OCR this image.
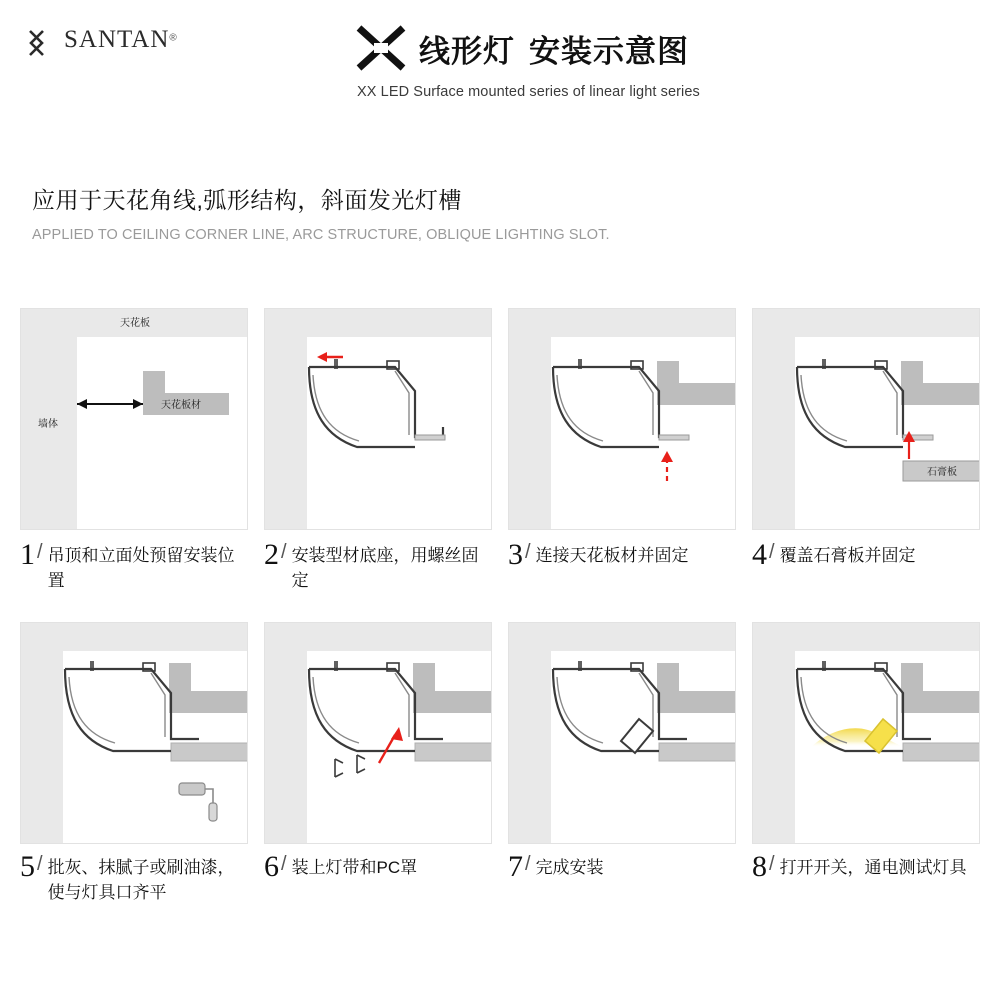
SANTAN®	线形灯 安装示意图
XX LED Surface mounted series of linear light series
应用于天花角线,弧形结构，斜面发光灯槽
APPLIED TO CEILING CORNER LINE, ARC STRUCTURE, OBLIQUE LIGHTING SLOT.
天花板
天花板材
墙体
1 / 吊顶和立面处预留安装位置
2 / 安装型材底座，用螺丝固定
3 / 连接天花板材并固定
石膏板
4 / 覆盖石膏板并固定
5 / 批灰、抹腻子或刷油漆，使与灯具口齐平
6 / 装上灯带和PC罩	7 / 完成安装	8 / 打开开关，通电测试灯具
